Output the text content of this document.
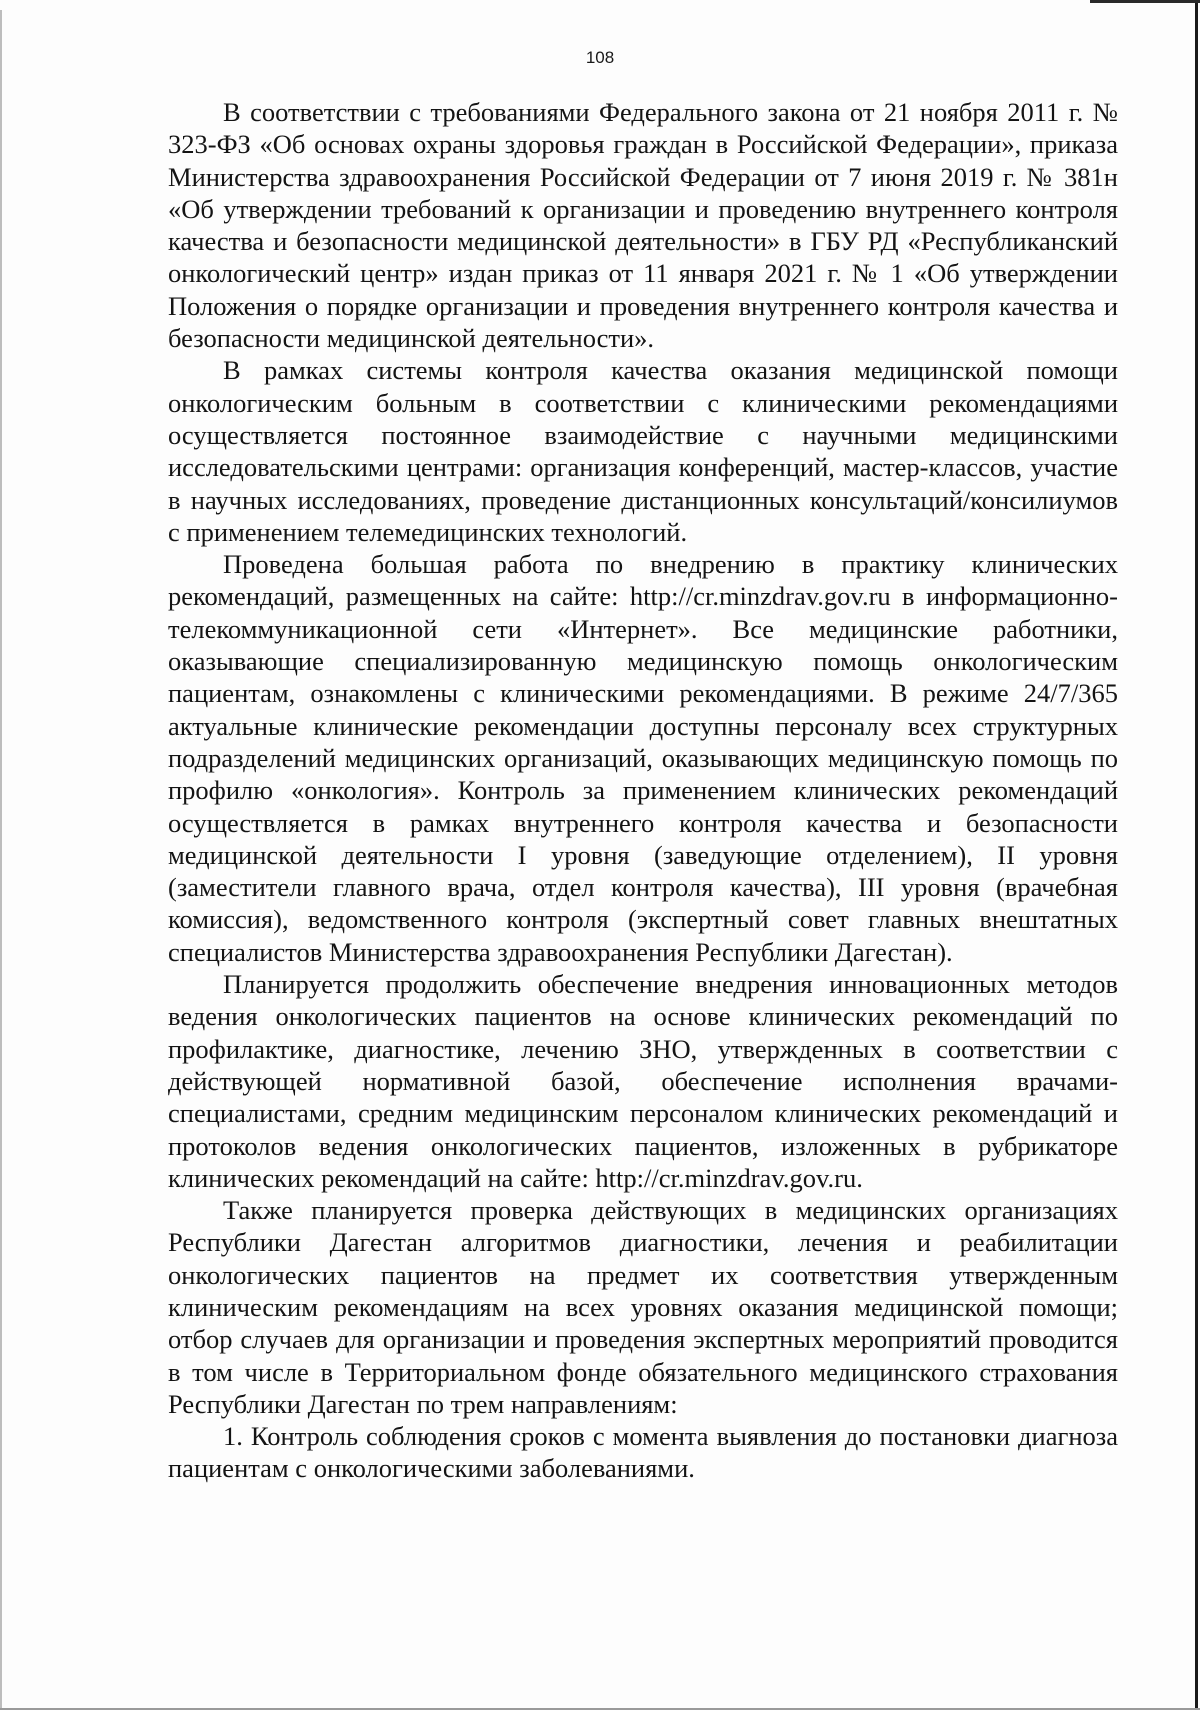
108

В соответствии с требованиями Федерального закона от 21 ноября 2011 г. № 323-ФЗ «Об основах охраны здоровья граждан в Российской Федерации», приказа Министерства здравоохранения Российской Федерации от 7 июня 2019 г. № 381н «Об утверждении требований к организации и проведению внутреннего контроля качества и безопасности медицинской деятельности» в ГБУ РД «Республиканский онкологический центр» издан приказ от 11 января 2021 г. № 1 «Об утверждении Положения о порядке организации и проведения внутреннего контроля качества и безопасности медицинской деятельности».

В рамках системы контроля качества оказания медицинской помощи онкологическим больным в соответствии с клиническими рекомендациями осуществляется постоянное взаимодействие с научными медицинскими исследовательскими центрами: организация конференций, мастер-классов, участие в научных исследованиях, проведение дистанционных консультаций/консилиумов с применением телемедицинских технологий.

Проведена большая работа по внедрению в практику клинических рекомендаций, размещенных на сайте: http://cr.minzdrav.gov.ru в информационно-телекоммуникационной сети «Интернет». Все медицинские работники, оказывающие специализированную медицинскую помощь онкологическим пациентам, ознакомлены с клиническими рекомендациями. В режиме 24/7/365 актуальные клинические рекомендации доступны персоналу всех структурных подразделений медицинских организаций, оказывающих медицинскую помощь по профилю «онкология». Контроль за применением клинических рекомендаций осуществляется в рамках внутреннего контроля качества и безопасности медицинской деятельности I уровня (заведующие отделением), II уровня (заместители главного врача, отдел контроля качества), III уровня (врачебная комиссия), ведомственного контроля (экспертный совет главных внештатных специалистов Министерства здравоохранения Республики Дагестан).

Планируется продолжить обеспечение внедрения инновационных методов ведения онкологических пациентов на основе клинических рекомендаций по профилактике, диагностике, лечению ЗНО, утвержденных в соответствии с действующей нормативной базой, обеспечение исполнения врачами-специалистами, средним медицинским персоналом клинических рекомендаций и протоколов ведения онкологических пациентов, изложенных в рубрикаторе клинических рекомендаций на сайте: http://cr.minzdrav.gov.ru.

Также планируется проверка действующих в медицинских организациях Республики Дагестан алгоритмов диагностики, лечения и реабилитации онкологических пациентов на предмет их соответствия утвержденным клиническим рекомендациям на всех уровнях оказания медицинской помощи; отбор случаев для организации и проведения экспертных мероприятий проводится в том числе в Территориальном фонде обязательного медицинского страхования Республики Дагестан по трем направлениям:

1. Контроль соблюдения сроков с момента выявления до постановки диагноза пациентам с онкологическими заболеваниями.
